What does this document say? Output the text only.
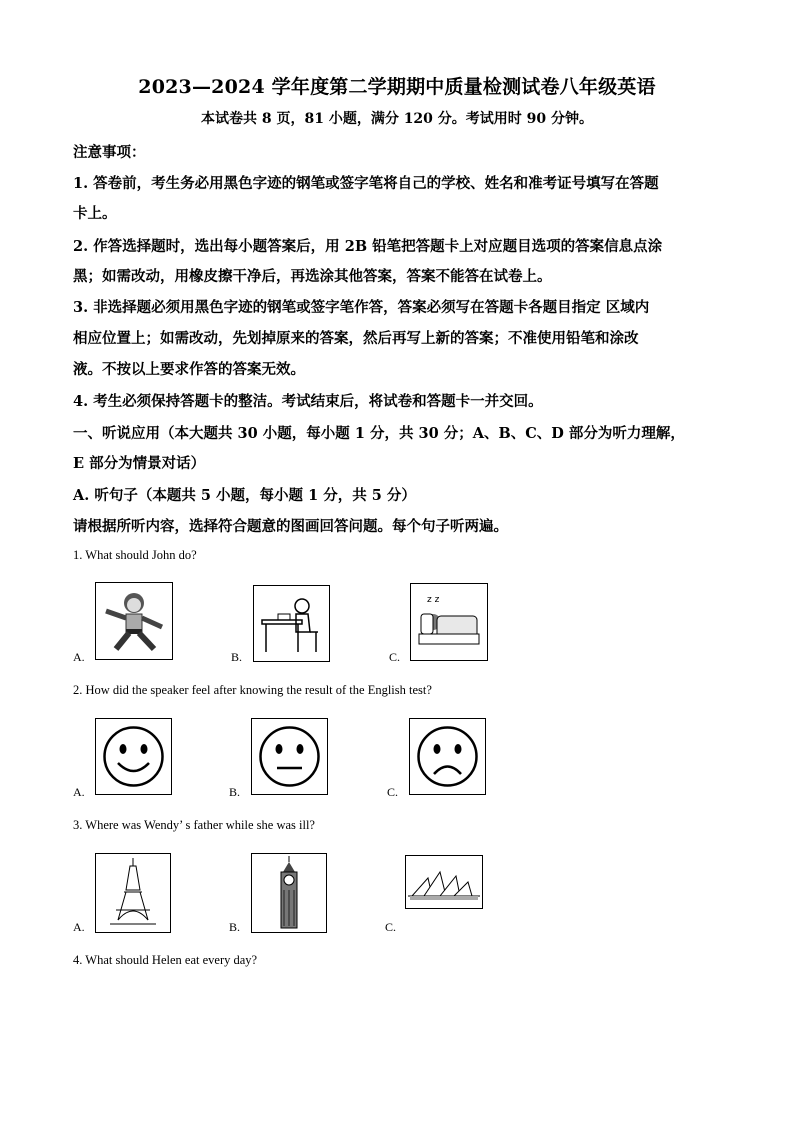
2023—2024 学年度第二学期期中质量检测试卷八年级英语
本试卷共 8 页，81 小题，满分 120 分。考试用时 90 分钟。
注意事项：
1. 答卷前，考生务必用黑色字迹的钢笔或签字笔将自己的学校、姓名和准考证号填写在答题
卡上。
2. 作答选择题时，选出每小题答案后，用 2B 铅笔把答题卡上对应题目选项的答案信息点涂
黑；如需改动，用橡皮擦干净后，再选涂其他答案，答案不能答在试卷上。
3. 非选择题必须用黑色字迹的钢笔或签字笔作答，答案必须写在答题卡各题目指定 区域内
相应位置上；如需改动，先划掉原来的答案，然后再写上新的答案；不准使用铅笔和涂改
液。不按以上要求作答的答案无效。
4. 考生必须保持答题卡的整洁。考试结束后，将试卷和答题卡一并交回。
一、听说应用（本大题共 30 小题，每小题 1 分，共 30 分；A、B、C、D 部分为听力理解，
E 部分为情景对话）
A. 听句子（本题共 5 小题，每小题 1 分，共 5 分）
请根据所听内容，选择符合题意的图画回答问题。每个句子听两遍。
1. What should John do?
A.	B.	C.
z z
2. How did the speaker feel after knowing the result of the English test?
A.	B.	C.
3. Where was Wendy’ s father while she was ill?
A.	B.	C.
4. What should Helen eat every day?
